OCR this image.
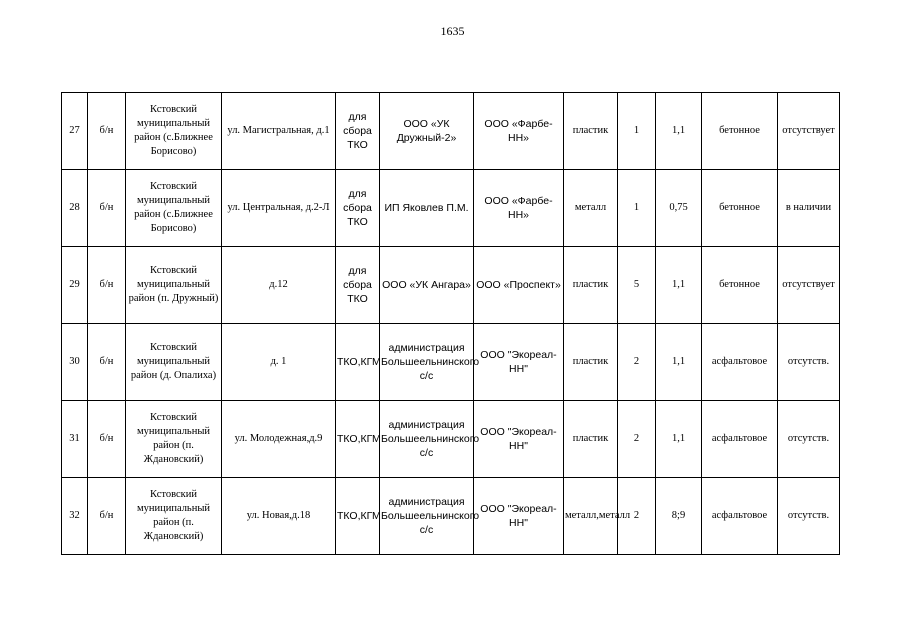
1635
27	б/н	Кстовский муниципальный район (с.Ближнее Борисово)	ул. Магистральная, д.1	для сбора ТКО	ООО «УК Дружный-2»	ООО «Фарбе-НН»	пластик	1	1,1	бетонное	отсутствует
28	б/н	Кстовский муниципальный район (с.Ближнее Борисово)	ул. Центральная, д.2-Л	для сбора ТКО	ИП Яковлев П.М.	ООО «Фарбе-НН»	металл	1	0,75	бетонное	в наличии
29	б/н	Кстовский муниципальный район (п. Дружный)	д.12	для сбора ТКО	ООО «УК Ангара»	ООО «Проспект»	пластик	5	1,1	бетонное	отсутствует
30	б/н	Кстовский муниципальный район (д. Опалиха)	д. 1	ТКО,КГМ	администрация Большеельнинского с/с	ООО "Экореал-НН"	пластик	2	1,1	асфальтовое	отсутств.
31	б/н	Кстовский муниципальный район (п. Ждановский)	ул. Молодежная,д.9	ТКО,КГМ	администрация Большеельнинского с/с	ООО "Экореал-НН"	пластик	2	1,1	асфальтовое	отсутств.
32	б/н	Кстовский муниципальный район (п. Ждановский)	ул. Новая,д.18	ТКО,КГМ	администрация Большеельнинского с/с	ООО "Экореал-НН"	металл,металл	2	8;9	асфальтовое	отсутств.
